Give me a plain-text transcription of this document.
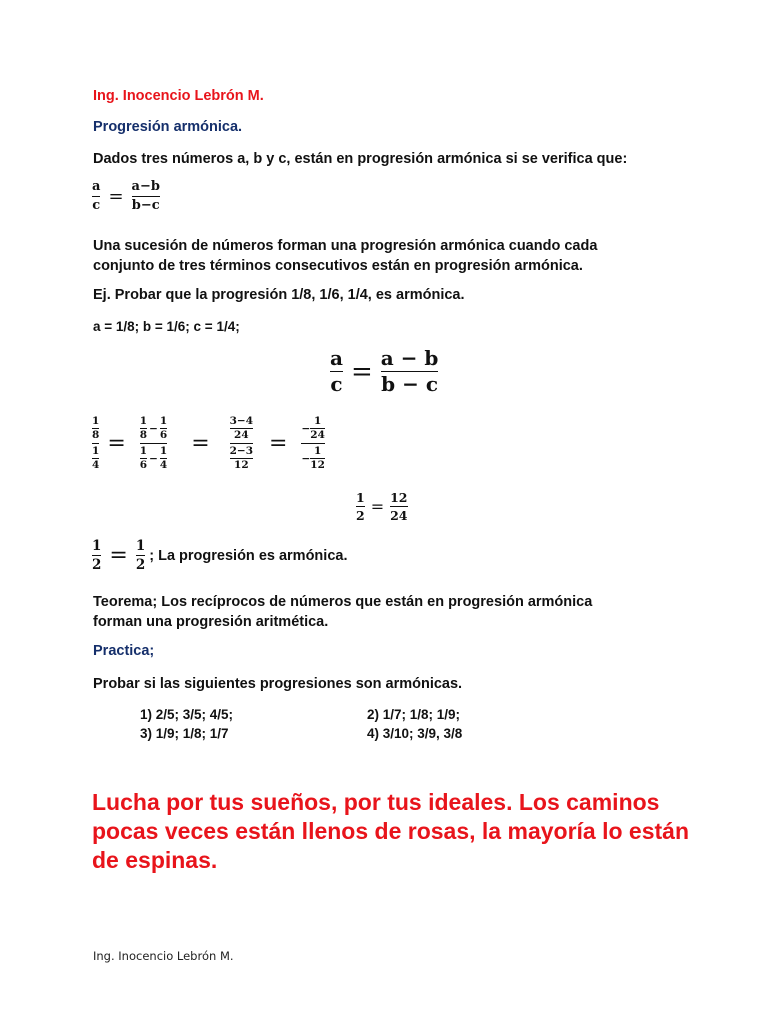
Ing. Inocencio Lebrón M.
Progresión armónica.
Dados tres números a, b y c, están en progresión armónica si se verifica que:
$\frac{a}{c} = \frac{a-b}{b-c}$
Una sucesión de números forman una progresión armónica cuando cada
conjunto de tres términos consecutivos están en progresión armónica.
Ej. Probar que la progresión 1/8, 1/6, 1/4, es armónica.
a = 1/8; b = 1/6; c = 1/4;
$\frac{a}{c} = \frac{a - b}{b - c}$
$\frac{\frac{1}{8}}{\frac{1}{4}}$ =
$\frac{1}{8} - \frac{1}{6}$
$\frac{1}{6} - \frac{1}{4}$
= $\frac{\frac{3-4}{24}}{\frac{2-3}{12}} = \frac{- \frac{1}{24}}{- \frac{1}{12}}$
$\frac{1}{2} = \frac{12}{24}$
$\frac{1}{2} = \frac{1}{2}$ ; La progresión es armónica.
Teorema; Los recíprocos de números que están en progresión armónica
forman una progresión aritmética.
Practica;
Probar si las siguientes progresiones son armónicas.
1) 2/5; 3/5; 4/5;	2) 1/7; 1/8; 1/9;
3) 1/9; 1/8; 1/7	4) 3/10; 3/9, 3/8
Lucha por tus sueños, por tus ideales. Los caminos pocas veces están llenos de rosas, la mayoría lo están de espinas.
Ing. Inocencio Lebrón M.
